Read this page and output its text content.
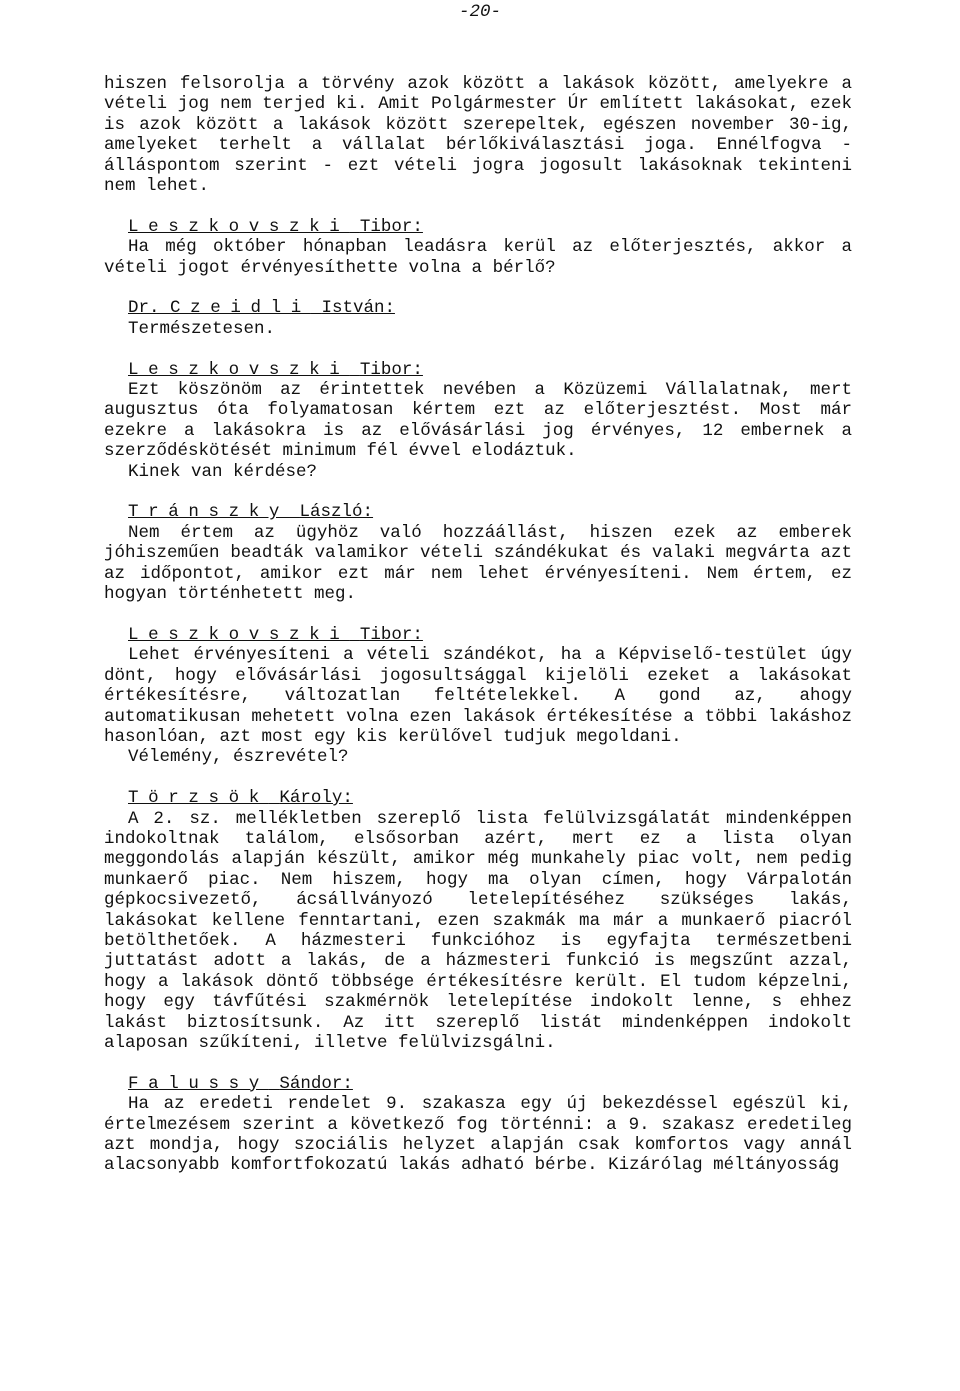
-20-
hiszen felsorolja a törvény azok között a lakások között, amelyekre a vételi jog nem terjed ki. Amit Polgármester Úr említett lakásokat, ezek is azok között a lakások között szerepeltek, egészen november 30-ig, amelyeket terhelt a vállalat bérlőkiválasztási joga. Ennélfogva - álláspontom szerint - ezt vételi jogra jogosult lakásoknak tekinteni nem lehet.
Leszkovszki Tibor:
Ha még október hónapban leadásra kerül az előterjesztés, akkor a vételi jogot érvényesíthette volna a bérlő?
Dr. Czeidli István:
Természetesen.
Leszkovszki Tibor:
Ezt köszönöm az érintettek nevében a Közüzemi Vállalatnak, mert augusztus óta folyamatosan kértem ezt az előterjesztést. Most már ezekre a lakásokra is az elővásárlási jog érvényes, 12 embernek a szerződéskötését minimum fél évvel elodáztuk.
Kinek van kérdése?
Tránszky László:
Nem értem az ügyhöz való hozzáállást, hiszen ezek az emberek jóhiszeműen beadták valamikor vételi szándékukat és valaki megvárta azt az időpontot, amikor ezt már nem lehet érvényesíteni. Nem értem, ez hogyan történhetett meg.
Leszkovszki Tibor:
Lehet érvényesíteni a vételi szándékot, ha a Képviselő-testület úgy dönt, hogy elővásárlási jogosultsággal kijelöli ezeket a lakásokat értékesítésre, változatlan feltételekkel. A gond az, ahogy automatikusan mehetett volna ezen lakások értékesítése a többi lakáshoz hasonlóan, azt most egy kis kerülővel tudjuk megoldani.
Vélemény, észrevétel?
Törzsök Károly:
A 2. sz. mellékletben szereplő lista felülvizsgálatát mindenképpen indokoltnak találom, elsősorban azért, mert ez a lista olyan meggondolás alapján készült, amikor még munkahely piac volt, nem pedig munkaerő piac. Nem hiszem, hogy ma olyan címen, hogy Várpalotán gépkocsivezető, ácsállványozó letelepítéséhez szükséges lakás, lakásokat kellene fenntartani, ezen szakmák ma már a munkaerő piacról betölthetőek. A házmesteri funkcióhoz is egyfajta természetbeni juttatást adott a lakás, de a házmesteri funkció is megszűnt azzal, hogy a lakások döntő többsége értékesítésre került. El tudom képzelni, hogy egy távfűtési szakmérnök letelepítése indokolt lenne, s ehhez lakást biztosítsunk. Az itt szereplő listát mindenképpen indokolt alaposan szűkíteni, illetve felülvizsgálni.
Falussy Sándor:
Ha az eredeti rendelet 9. szakasza egy új bekezdéssel egészül ki, értelmezésem szerint a következő fog történni: a 9. szakasz eredetileg azt mondja, hogy szociális helyzet alapján csak komfortos vagy annál alacsonyabb komfortfokozatú lakás adható bérbe. Kizárólag méltányosság
